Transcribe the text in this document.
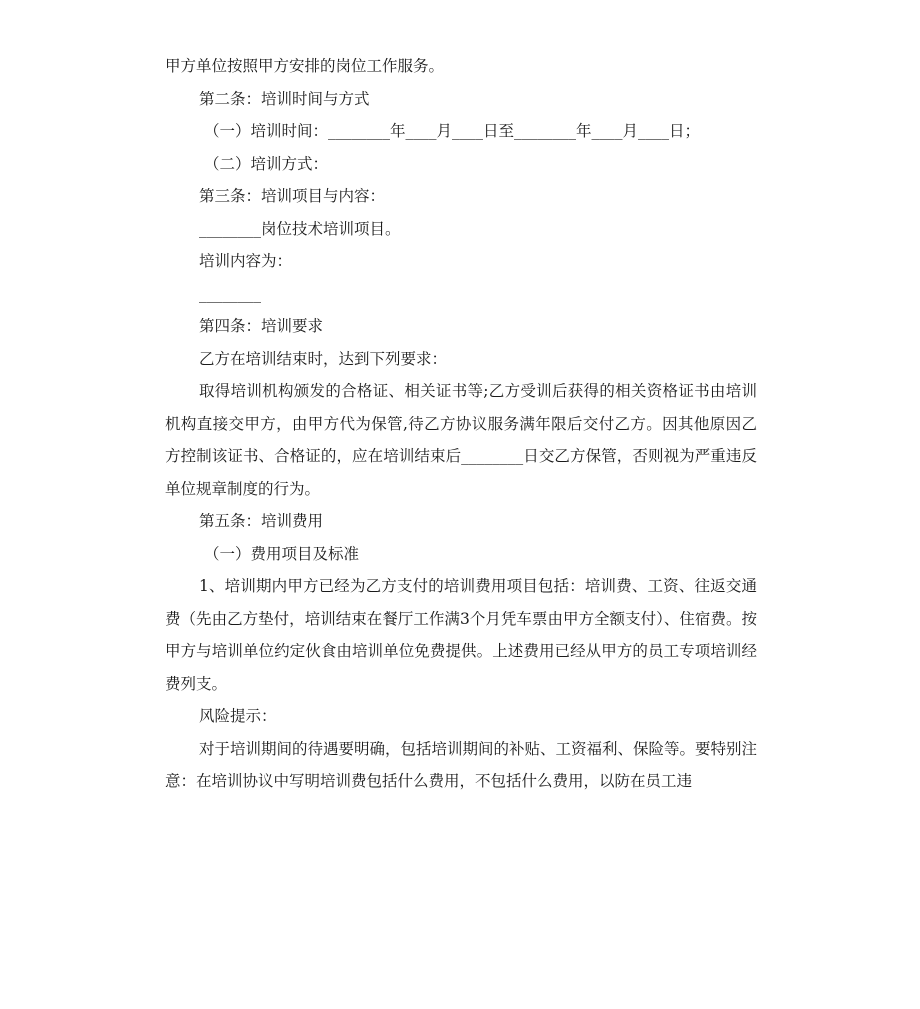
甲方单位按照甲方安排的岗位工作服务。

第二条：培训时间与方式

（一）培训时间：________年____月____日至________年____月____日；

（二）培训方式：

第三条：培训项目与内容：

________岗位技术培训项目。

培训内容为：

________

第四条：培训要求

乙方在培训结束时，达到下列要求：

取得培训机构颁发的合格证、相关证书等;乙方受训后获得的相关资格证书由培训机构直接交甲方，由甲方代为保管,待乙方协议服务满年限后交付乙方。因其他原因乙方控制该证书、合格证的，应在培训结束后________日交乙方保管，否则视为严重违反单位规章制度的行为。

第五条：培训费用

（一）费用项目及标准

1、培训期内甲方已经为乙方支付的培训费用项目包括：培训费、工资、往返交通费（先由乙方垫付，培训结束在餐厅工作满3个月凭车票由甲方全额支付）、住宿费。按甲方与培训单位约定伙食由培训单位免费提供。上述费用已经从甲方的员工专项培训经费列支。

风险提示：

对于培训期间的待遇要明确，包括培训期间的补贴、工资福利、保险等。要特别注意：在培训协议中写明培训费包括什么费用，不包括什么费用，以防在员工违
